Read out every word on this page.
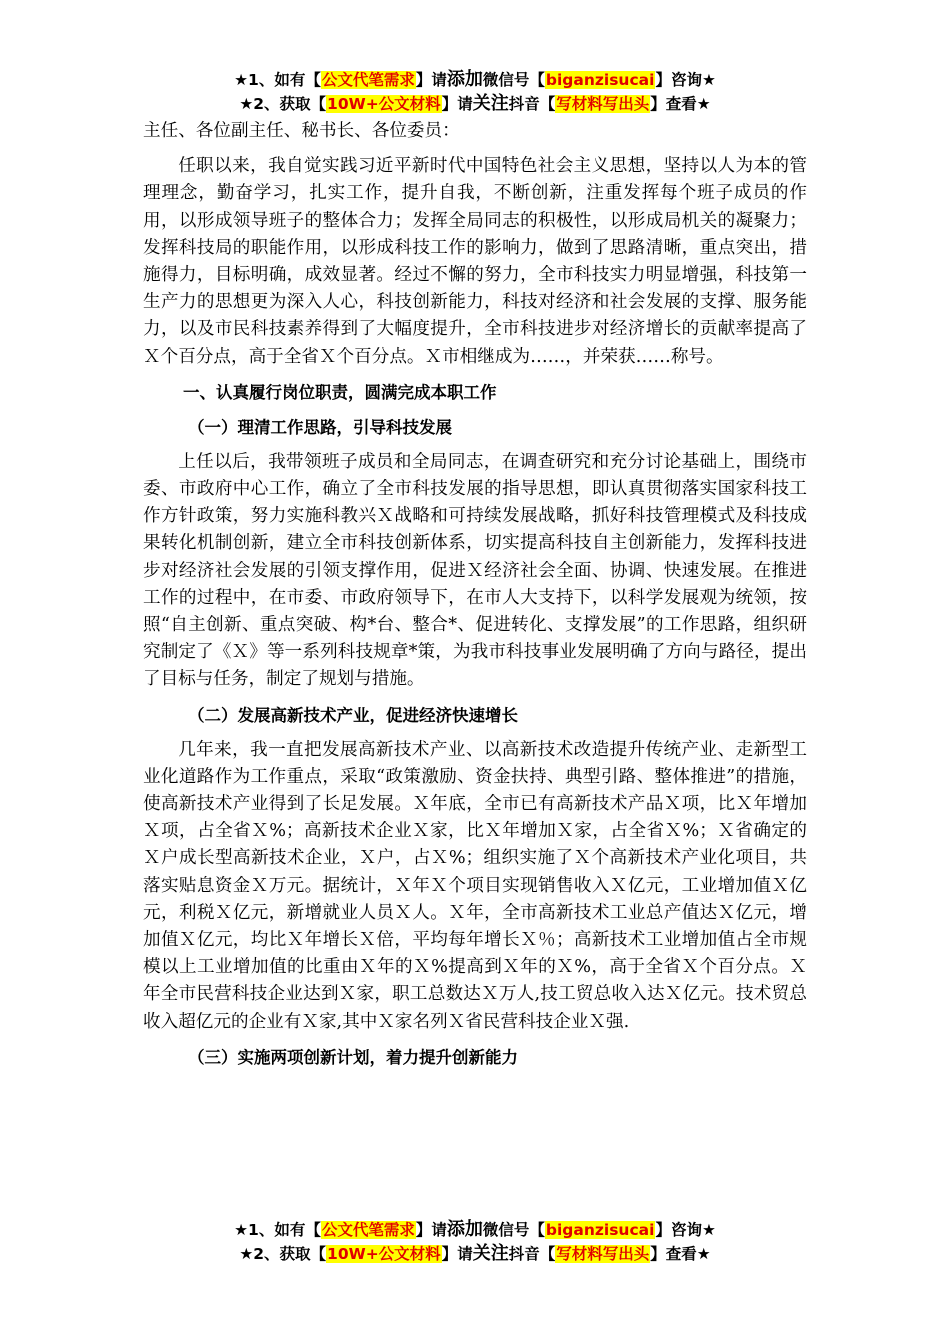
★1、如有【公文代笔需求】请添加微信号【biganzisucai】咨询★
★2、获取【10W+公文材料】请关注抖音【写材料写出头】查看★

主任、各位副主任、秘书长、各位委员：

任职以来，我自觉实践习近平新时代中国特色社会主义思想，坚持以人为本的管理理念，勤奋学习，扎实工作，提升自我，不断创新，注重发挥每个班子成员的作用，以形成领导班子的整体合力；发挥全局同志的积极性，以形成局机关的凝聚力；发挥科技局的职能作用，以形成科技工作的影响力，做到了思路清晰，重点突出，措施得力，目标明确，成效显著。经过不懈的努力，全市科技实力明显增强，科技第一生产力的思想更为深入人心，科技创新能力，科技对经济和社会发展的支撑、服务能力，以及市民科技素养得到了大幅度提升，全市科技进步对经济增长的贡献率提高了Ｘ个百分点，高于全省Ｘ个百分点。Ｘ市相继成为……，并荣获……称号。

一、认真履行岗位职责，圆满完成本职工作

（一）理清工作思路，引导科技发展

上任以后，我带领班子成员和全局同志，在调查研究和充分讨论基础上，围绕市委、市政府中心工作，确立了全市科技发展的指导思想，即认真贯彻落实国家科技工作方针政策，努力实施科教兴Ｘ战略和可持续发展战略，抓好科技管理模式及科技成果转化机制创新，建立全市科技创新体系，切实提高科技自主创新能力，发挥科技进步对经济社会发展的引领支撑作用，促进Ｘ经济社会全面、协调、快速发展。在推进工作的过程中，在市委、市政府领导下，在市人大支持下，以科学发展观为统领，按照“自主创新、重点突破、构*台、整合*、促进转化、支撑发展”的工作思路，组织研究制定了《Ｘ》等一系列科技规章*策，为我市科技事业发展明确了方向与路径，提出了目标与任务，制定了规划与措施。

（二）发展高新技术产业，促进经济快速增长

几年来，我一直把发展高新技术产业、以高新技术改造提升传统产业、走新型工业化道路作为工作重点，采取“政策激励、资金扶持、典型引路、整体推进”的措施，使高新技术产业得到了长足发展。Ｘ年底，全市已有高新技术产品Ｘ项，比Ｘ年增加Ｘ项，占全省Ｘ%；高新技术企业Ｘ家，比Ｘ年增加Ｘ家，占全省Ｘ%；Ｘ省确定的Ｘ户成长型高新技术企业，Ｘ户，占Ｘ%；组织实施了Ｘ个高新技术产业化项目，共落实贴息资金Ｘ万元。据统计，Ｘ年Ｘ个项目实现销售收入Ｘ亿元，工业增加值Ｘ亿元，利税Ｘ亿元，新增就业人员Ｘ人。Ｘ年，全市高新技术工业总产值达Ｘ亿元，增加值Ｘ亿元，均比Ｘ年增长Ｘ倍，平均每年增长Ｘ％；高新技术工业增加值占全市规模以上工业增加值的比重由Ｘ年的Ｘ%提高到Ｘ年的Ｘ%，高于全省Ｘ个百分点。Ｘ年全市民营科技企业达到Ｘ家，职工总数达Ｘ万人,技工贸总收入达Ｘ亿元。技术贸总收入超亿元的企业有Ｘ家,其中Ｘ家名列Ｘ省民营科技企业Ｘ强.

（三）实施两项创新计划，着力提升创新能力

★1、如有【公文代笔需求】请添加微信号【biganzisucai】咨询★
★2、获取【10W+公文材料】请关注抖音【写材料写出头】查看★
